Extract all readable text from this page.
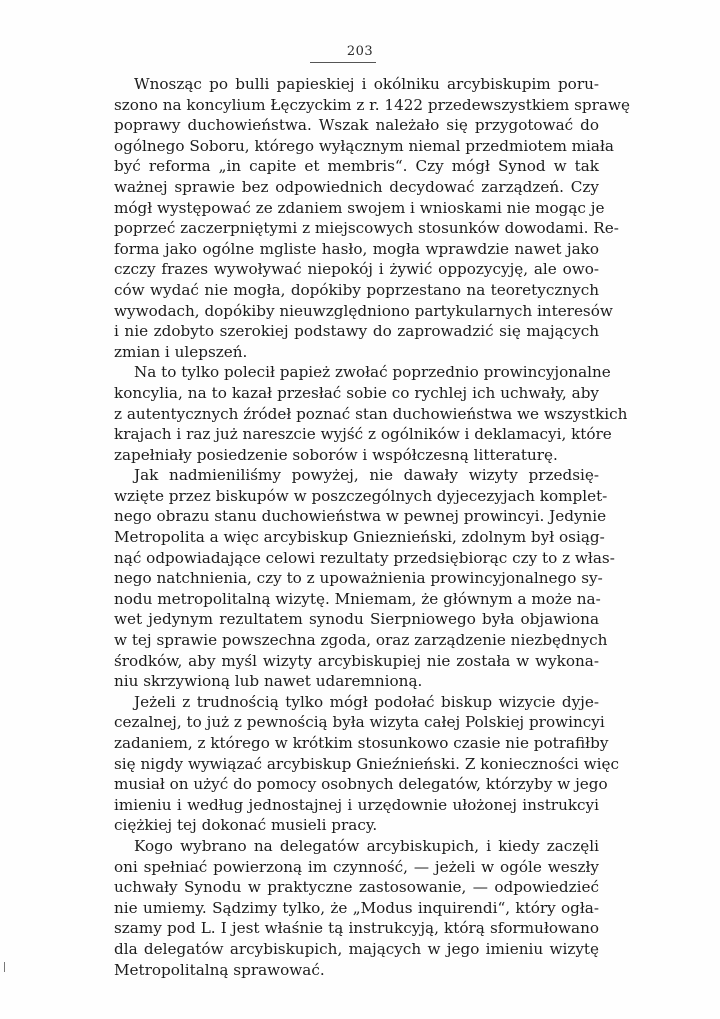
203
Wnosząc po bulli papieskiej i okólniku arcybiskupim poru-
szono na koncylium Łęczyckim z r. 1422 przedewszystkiem sprawę
poprawy duchowieństwa. Wszak należało się przygotować do
ogólnego Soboru, którego wyłącznym niemal przedmiotem miała
być reforma „in capite et membris“. Czy mógł Synod w tak
ważnej sprawie bez odpowiednich decydować zarządzeń. Czy
mógł występować ze zdaniem swojem i wnioskami nie mogąc je
poprzeć zaczerpniętymi z miejscowych stosunków dowodami. Re-
forma jako ogólne mgliste hasło, mogła wprawdzie nawet jako
czczy frazes wywoływać niepokój i żywić oppozycyję, ale owo-
ców wydać nie mogła, dopókiby poprzestano na teoretycznych
wywodach, dopókiby nieuwzględniono partykularnych interesów
i nie zdobyto szerokiej podstawy do zaprowadzić się mających
zmian i ulepszeń.
Na to tylko polecił papież zwołać poprzednio prowincyjonalne
koncylia, na to kazał przesłać sobie co rychlej ich uchwały, aby
z autentycznych źródeł poznać stan duchowieństwa we wszystkich
krajach i raz już nareszcie wyjść z ogólników i deklamacyi, które
zapełniały posiedzenie soborów i współczesną litteraturę.
Jak nadmieniliśmy powyżej, nie dawały wizyty przedsię-
wzięte przez biskupów w poszczególnych dyjecezyjach komplet-
nego obrazu stanu duchowieństwa w pewnej prowincyi. Jedynie
Metropolita a więc arcybiskup Gnieznieński, zdolnym był osiąg-
nąć odpowiadające celowi rezultaty przedsiębiorąc czy to z włas-
nego natchnienia, czy to z upoważnienia prowincyjonalnego sy-
nodu metropolitalną wizytę. Mniemam, że głównym a może na-
wet jedynym rezultatem synodu Sierpniowego była objawiona
w tej sprawie powszechna zgoda, oraz zarządzenie niezbędnych
środków, aby myśl wizyty arcybiskupiej nie została w wykona-
niu skrzywioną lub nawet udaremnioną.
Jeżeli z trudnością tylko mógł podołać biskup wizycie dyje-
cezalnej, to już z pewnością była wizyta całej Polskiej prowincyi
zadaniem, z którego w krótkim stosunkowo czasie nie potrafiłby
się nigdy wywiązać arcybiskup Gnieźnieński. Z konieczności więc
musiał on użyć do pomocy osobnych delegatów, którzyby w jego
imieniu i według jednostajnej i urzędownie ułożonej instrukcyi
ciężkiej tej dokonać musieli pracy.
Kogo wybrano na delegatów arcybiskupich, i kiedy zaczęli
oni spełniać powierzoną im czynność, — jeżeli w ogóle weszły
uchwały Synodu w praktyczne zastosowanie, — odpowiedzieć
nie umiemy. Sądzimy tylko, że „Modus inquirendi“, który ogła-
szamy pod L. I jest właśnie tą instrukcyją, którą sformułowano
dla delegatów arcybiskupich, mających w jego imieniu wizytę
Metropolitalną sprawować.
